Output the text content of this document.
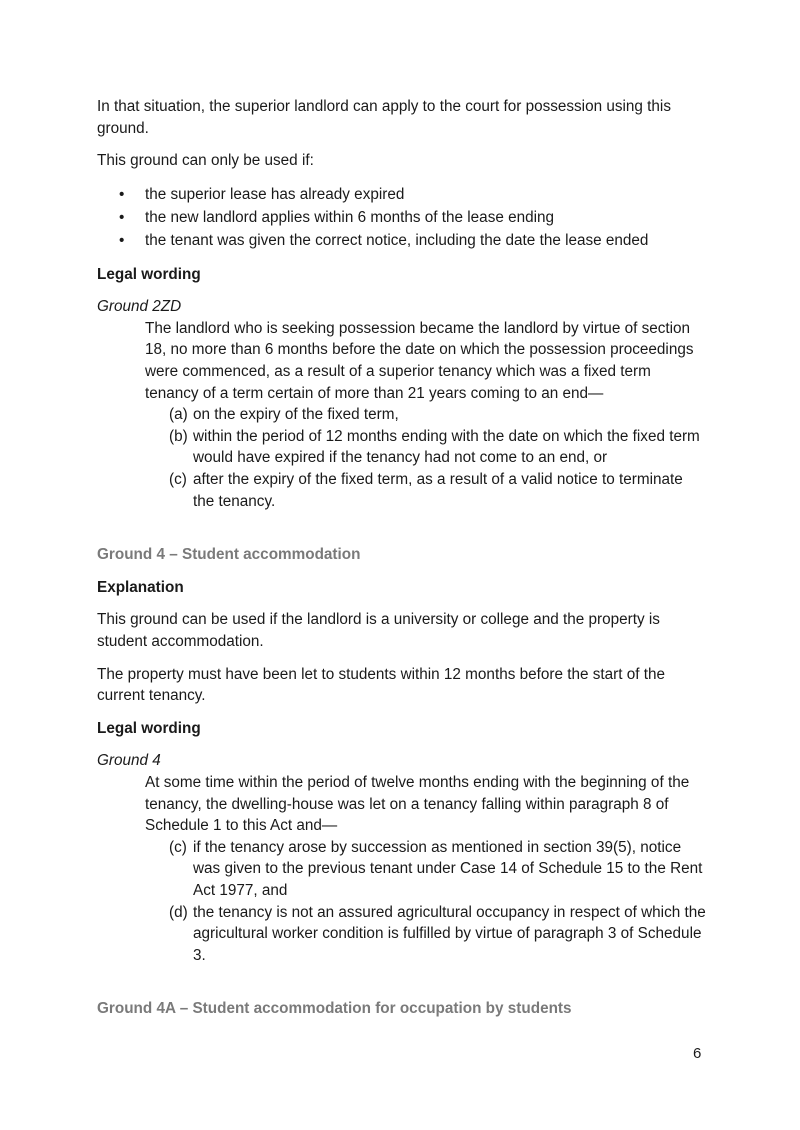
In that situation, the superior landlord can apply to the court for possession using this ground.

This ground can only be used if:

• the superior lease has already expired
• the new landlord applies within 6 months of the lease ending
• the tenant was given the correct notice, including the date the lease ended
Legal wording

Ground 2ZD

The landlord who is seeking possession became the landlord by virtue of section 18, no more than 6 months before the date on which the possession proceedings were commenced, as a result of a superior tenancy which was a fixed term tenancy of a term certain of more than 21 years coming to an end—

(a) on the expiry of the fixed term,
(b) within the period of 12 months ending with the date on which the fixed term would have expired if the tenancy had not come to an end, or
(c) after the expiry of the fixed term, as a result of a valid notice to terminate the tenancy.
Ground 4 – Student accommodation
Explanation

This ground can be used if the landlord is a university or college and the property is student accommodation.

The property must have been let to students within 12 months before the start of the current tenancy.

Legal wording

Ground 4

At some time within the period of twelve months ending with the beginning of the tenancy, the dwelling-house was let on a tenancy falling within paragraph 8 of Schedule 1 to this Act and—

(c) if the tenancy arose by succession as mentioned in section 39(5), notice was given to the previous tenant under Case 14 of Schedule 15 to the Rent Act 1977, and
(d) the tenancy is not an assured agricultural occupancy in respect of which the agricultural worker condition is fulfilled by virtue of paragraph 3 of Schedule 3.
Ground 4A – Student accommodation for occupation by students
6
